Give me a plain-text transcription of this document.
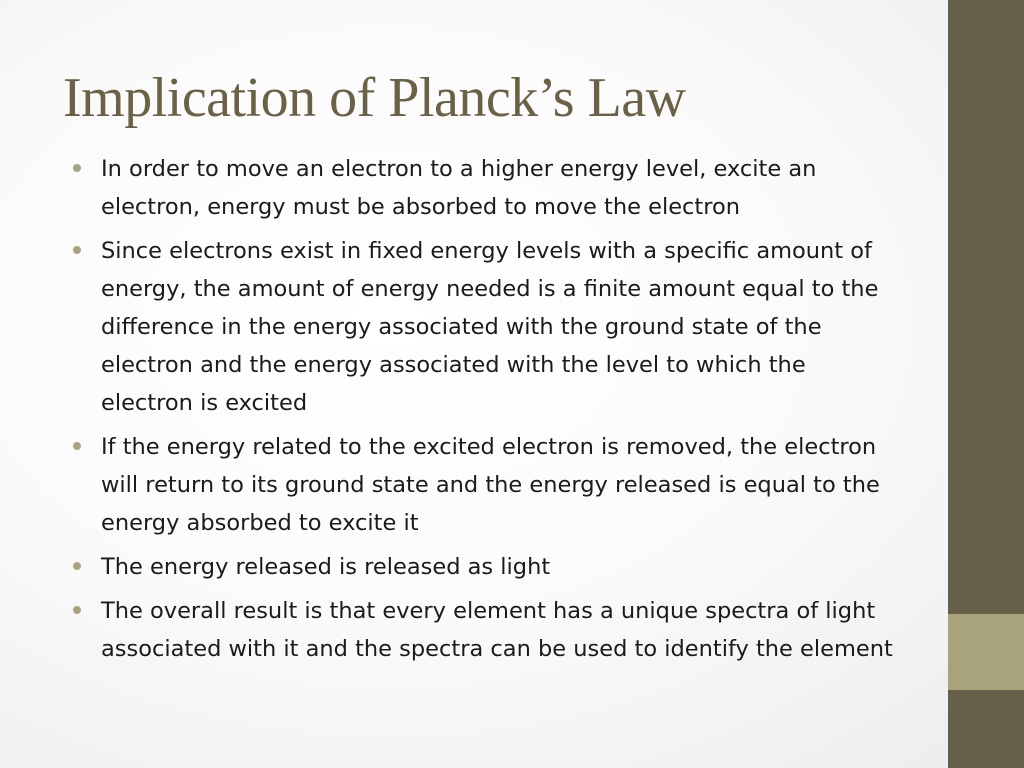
Implication of Planck’s Law
In order to move an electron to a higher energy level, excite an electron, energy must be absorbed to move the electron
Since electrons exist in fixed energy levels with a specific amount of energy, the amount of energy needed is a finite amount equal to the difference in the energy associated with the ground state of the electron and the energy associated with the level to which the electron is excited
If the energy related to the excited electron is removed, the electron will return to its ground state and the energy released is equal to the energy absorbed to excite it
The energy released is released as light
The overall result is that every element has a unique spectra of light associated with it and the spectra can be used to identify the element
